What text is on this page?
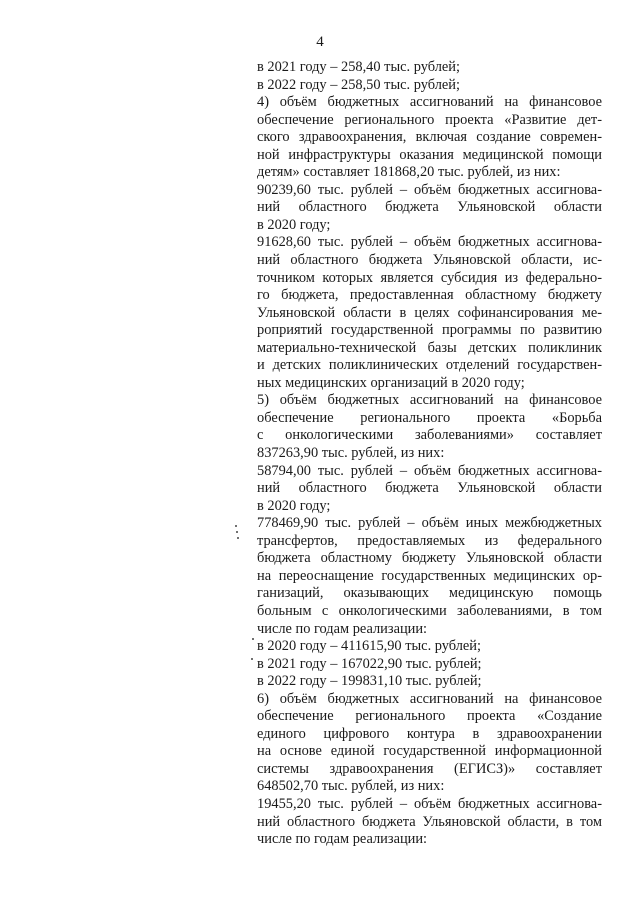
4
в 2021 году – 258,40 тыс. рублей;
в 2022 году – 258,50 тыс. рублей;
4) объём бюджетных ассигнований на финансовое
обеспечение регионального проекта «Развитие дет-
ского здравоохранения, включая создание современ-
ной инфраструктуры оказания медицинской помощи
детям» составляет 181868,20 тыс. рублей, из них:
90239,60 тыс. рублей – объём бюджетных ассигнова-
ний областного бюджета Ульяновской области
в 2020 году;
91628,60 тыс. рублей – объём бюджетных ассигнова-
ний областного бюджета Ульяновской области, ис-
точником которых является субсидия из федерально-
го бюджета, предоставленная областному бюджету
Ульяновской области в целях софинансирования ме-
роприятий государственной программы по развитию
материально-технической базы детских поликлиник
и детских поликлинических отделений государствен-
ных медицинских организаций в 2020 году;
5) объём бюджетных ассигнований на финансовое
обеспечение регионального проекта «Борьба
с онкологическими заболеваниями» составляет
837263,90 тыс. рублей, из них:
58794,00 тыс. рублей – объём бюджетных ассигнова-
ний областного бюджета Ульяновской области
в 2020 году;
778469,90 тыс. рублей – объём иных межбюджетных
трансфертов, предоставляемых из федерального
бюджета областному бюджету Ульяновской области
на переоснащение государственных медицинских ор-
ганизаций, оказывающих медицинскую помощь
больным с онкологическими заболеваниями, в том
числе по годам реализации:
в 2020 году – 411615,90 тыс. рублей;
в 2021 году – 167022,90 тыс. рублей;
в 2022 году – 199831,10 тыс. рублей;
6) объём бюджетных ассигнований на финансовое
обеспечение регионального проекта «Создание
единого цифрового контура в здравоохранении
на основе единой государственной информационной
системы здравоохранения (ЕГИСЗ)» составляет
648502,70 тыс. рублей, из них:
19455,20 тыс. рублей – объём бюджетных ассигнова-
ний областного бюджета Ульяновской области, в том
числе по годам реализации:
